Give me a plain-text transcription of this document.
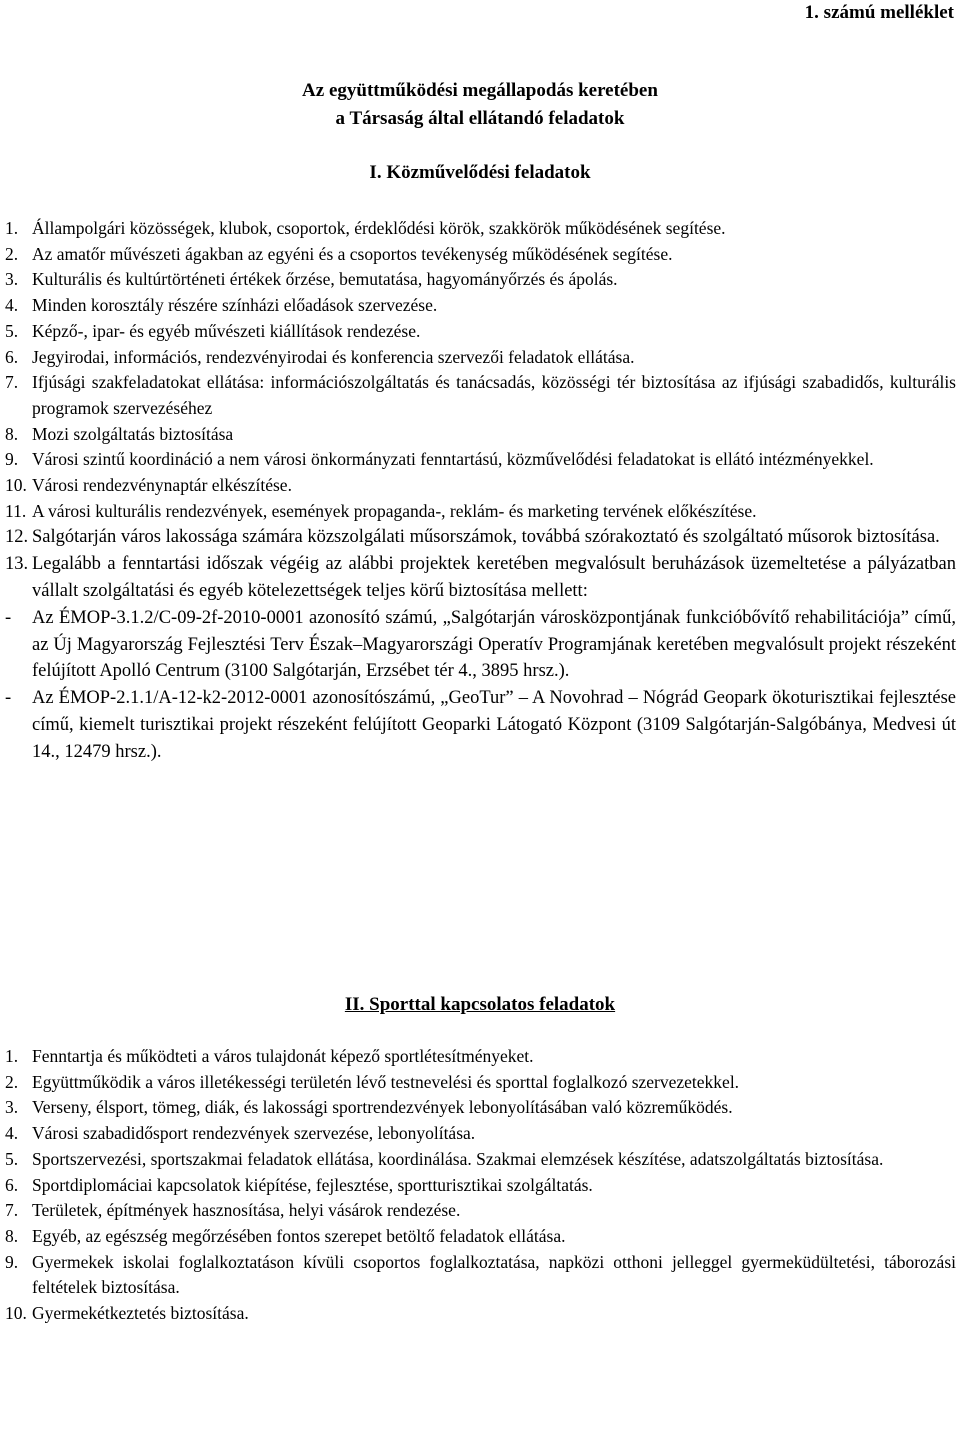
1. számú melléklet
Az együttműködési megállapodás keretében
a Társaság által ellátandó feladatok
I. Közművelődési feladatok
1. Állampolgári közösségek, klubok, csoportok, érdeklődési körök, szakkörök működésének segítése.
2. Az amatőr művészeti ágakban az egyéni és a csoportos tevékenység működésének segítése.
3. Kulturális és kultúrtörténeti értékek őrzése, bemutatása, hagyományőrzés és ápolás.
4. Minden korosztály részére színházi előadások szervezése.
5. Képző-, ipar- és egyéb művészeti kiállítások rendezése.
6. Jegyirodai, információs, rendezvényirodai és konferencia szervezői feladatok ellátása.
7. Ifjúsági szakfeladatokat ellátása: információszolgáltatás és tanácsadás, közösségi tér biztosítása az ifjúsági szabadidős, kulturális programok szervezéséhez
8. Mozi szolgáltatás biztosítása
9. Városi szintű koordináció a nem városi önkormányzati fenntartású, közművelődési feladatokat is ellátó intézményekkel.
10. Városi rendezvénynaptár elkészítése.
11. A városi kulturális rendezvények, események propaganda-, reklám- és marketing tervének előkészítése.
12. Salgótarján város lakossága számára közszolgálati műsorszámok, továbbá szórakoztató és szolgáltató műsorok biztosítása.
13. Legalább a fenntartási időszak végéig az alábbi projektek keretében megvalósult beruházások üzemeltetése a pályázatban vállalt szolgáltatási és egyéb kötelezettségek teljes körű biztosítása mellett:
- Az ÉMOP-3.1.2/C-09-2f-2010-0001 azonosító számú, „Salgótarján városközpontjának funkcióbővítő rehabilitációja” című, az Új Magyarország Fejlesztési Terv Észak–Magyarországi Operatív Programjának keretében megvalósult projekt részeként felújított Apolló Centrum (3100 Salgótarján, Erzsébet tér 4., 3895 hrsz.).
- Az ÉMOP-2.1.1/A-12-k2-2012-0001 azonosítószámú, „GeoTur” – A Novohrad – Nógrád Geopark ökoturisztikai fejlesztése című, kiemelt turisztikai projekt részeként felújított Geoparki Látogató Központ (3109 Salgótarján-Salgóbánya, Medvesi út 14., 12479 hrsz.).
II. Sporttal kapcsolatos feladatok
1. Fenntartja és működteti a város tulajdonát képező sportlétesítményeket.
2. Együttműködik a város illetékességi területén lévő testnevelési és sporttal foglalkozó szervezetekkel.
3. Verseny, élsport, tömeg, diák, és lakossági sportrendezvények lebonyolításában való közreműködés.
4. Városi szabadidősport rendezvények szervezése, lebonyolítása.
5. Sportszervezési, sportszakmai feladatok ellátása, koordinálása. Szakmai elemzések készítése, adatszolgáltatás biztosítása.
6. Sportdiplomáciai kapcsolatok kiépítése, fejlesztése, sportturisztikai szolgáltatás.
7. Területek, építmények hasznosítása, helyi vásárok rendezése.
8. Egyéb, az egészség megőrzésében fontos szerepet betöltő feladatok ellátása.
9. Gyermekek iskolai foglalkoztatáson kívüli csoportos foglalkoztatása, napközi otthoni jelleggel gyermeküdültetési, táborozási feltételek biztosítása.
10. Gyermekétkeztetés biztosítása.
